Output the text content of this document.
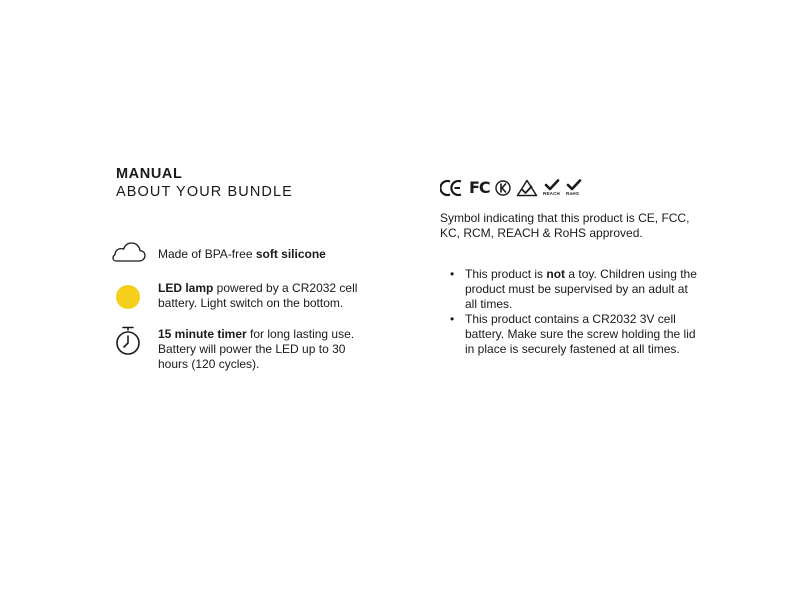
MANUAL
ABOUT YOUR BUNDLE
Made of BPA-free soft silicone
LED lamp powered by a CR2032 cell battery. Light switch on the bottom.
15 minute timer for long lasting use. Battery will power the LED up to 30 hours (120 cycles).
FC	REACH RoHS
Symbol indicating that this product is CE, FCC, KC, RCM, REACH & RoHS approved.
• This product is not a toy. Children using the product must be supervised by an adult at all times.
• This product contains a CR2032 3V cell battery. Make sure the screw holding the lid in place is securely fastened at all times.
